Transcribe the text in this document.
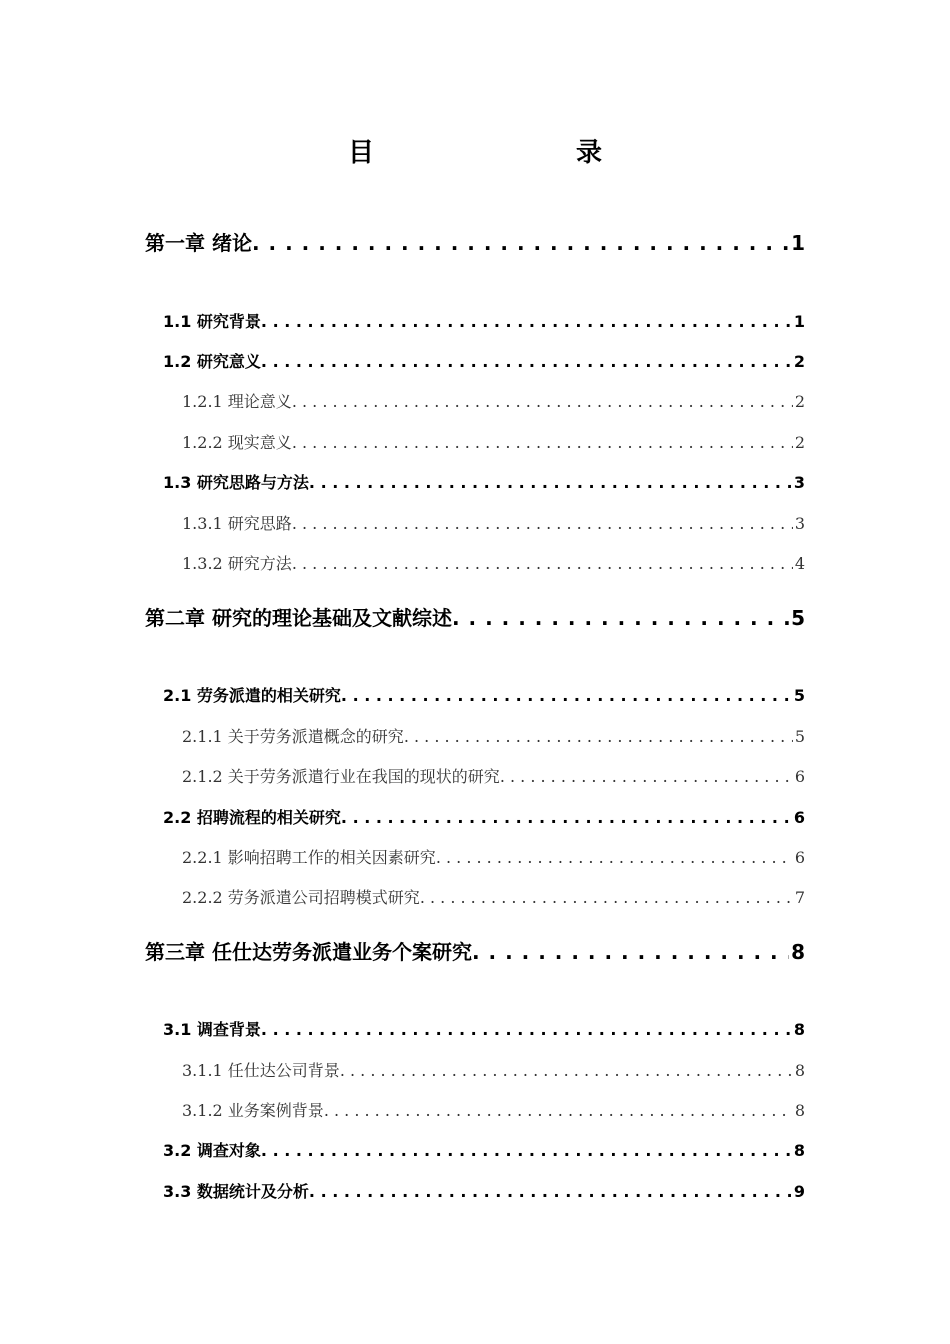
目　　录
第一章 绪论 . . .	1
1.1 研究背景 . . .	1
1.2 研究意义 . . .	2
1.2.1 理论意义 . . .	2
1.2.2 现实意义 . . .	2
1.3 研究思路与方法 . . .	3
1.3.1 研究思路 . . .	3
1.3.2 研究方法 . . .	4
第二章 研究的理论基础及文献综述 . . .	5
2.1 劳务派遣的相关研究 . . .	5
2.1.1 关于劳务派遣概念的研究 . . .	5
2.1.2 关于劳务派遣行业在我国的现状的研究 . . .	6
2.2 招聘流程的相关研究 . . .	6
2.2.1 影响招聘工作的相关因素研究 . . .	6
2.2.2 劳务派遣公司招聘模式研究 . . .	7
第三章 任仕达劳务派遣业务个案研究 . . .	8
3.1 调查背景 . . .	8
3.1.1 任仕达公司背景 . . .	8
3.1.2 业务案例背景 . . .	8
3.2 调查对象 . . .	8
3.3 数据统计及分析 . . .	9
